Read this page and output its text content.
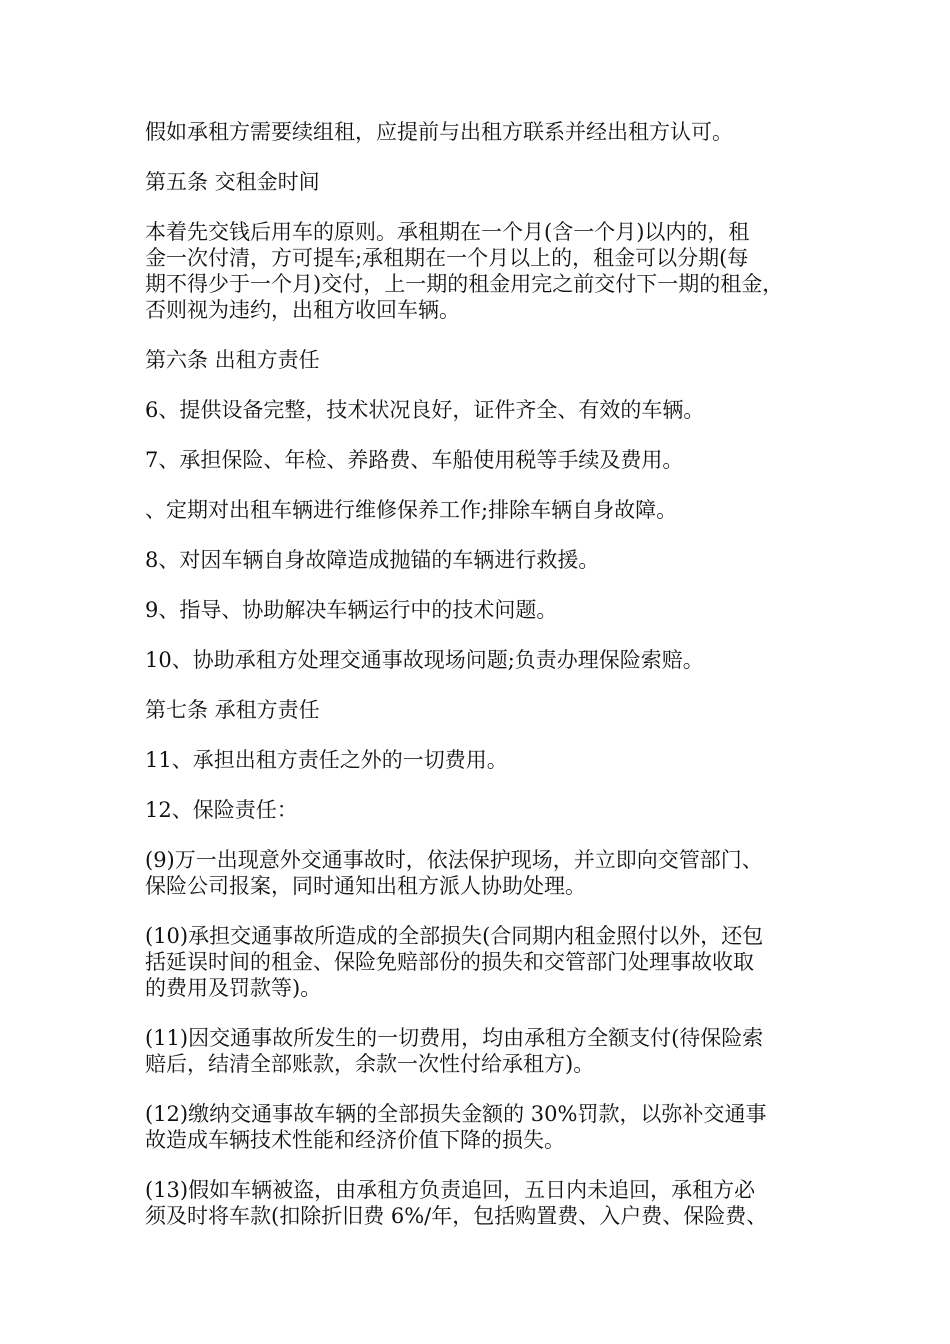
假如承租方需要续组租，应提前与出租方联系并经出租方认可。

第五条 交租金时间

本着先交钱后用车的原则。承租期在一个月(含一个月)以内的，租
金一次付清，方可提车;承租期在一个月以上的，租金可以分期(每
期不得少于一个月)交付，上一期的租金用完之前交付下一期的租金，
否则视为违约，出租方收回车辆。

第六条 出租方责任

6、提供设备完整，技术状况良好，证件齐全、有效的车辆。

7、承担保险、年检、养路费、车船使用税等手续及费用。

、定期对出租车辆进行维修保养工作;排除车辆自身故障。

8、对因车辆自身故障造成抛锚的车辆进行救援。

9、指导、协助解决车辆运行中的技术问题。

10、协助承租方处理交通事故现场问题;负责办理保险索赔。

第七条 承租方责任

11、承担出租方责任之外的一切费用。

12、保险责任：

(9)万一出现意外交通事故时，依法保护现场，并立即向交管部门、
保险公司报案，同时通知出租方派人协助处理。

(10)承担交通事故所造成的全部损失(合同期内租金照付以外，还包
括延误时间的租金、保险免赔部份的损失和交管部门处理事故收取
的费用及罚款等)。

(11)因交通事故所发生的一切费用，均由承租方全额支付(待保险索
赔后，结清全部账款，余款一次性付给承租方)。

(12)缴纳交通事故车辆的全部损失金额的 30%罚款，以弥补交通事
故造成车辆技术性能和经济价值下降的损失。

(13)假如车辆被盗，由承租方负责追回，五日内未追回，承租方必
须及时将车款(扣除折旧费 6%/年，包括购置费、入户费、保险费、
